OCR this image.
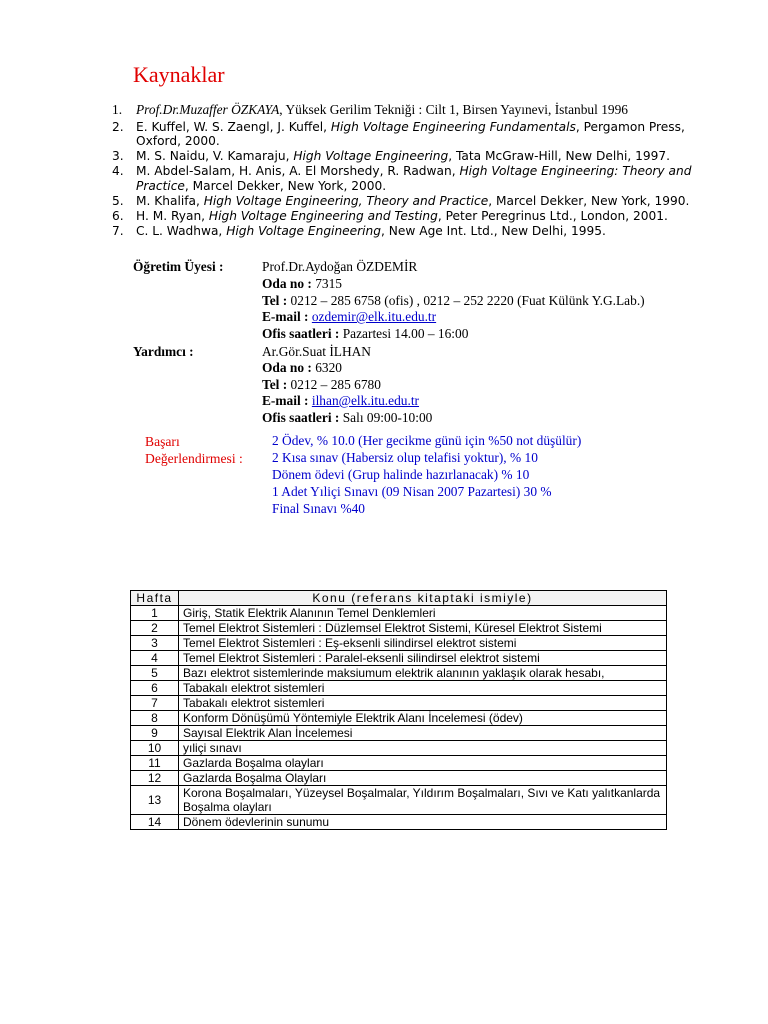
Kaynaklar
1. Prof.Dr.Muzaffer ÖZKAYA, Yüksek Gerilim Tekniği : Cilt 1, Birsen Yayınevi, İstanbul 1996
2. E. Kuffel, W. S. Zaengl, J. Kuffel, High Voltage Engineering Fundamentals, Pergamon Press, Oxford, 2000.
3. M. S. Naidu, V. Kamaraju, High Voltage Engineering, Tata McGraw-Hill, New Delhi, 1997.
4. M. Abdel-Salam, H. Anis, A. El Morshedy, R. Radwan, High Voltage Engineering: Theory and Practice, Marcel Dekker, New York, 2000.
5. M. Khalifa, High Voltage Engineering, Theory and Practice, Marcel Dekker, New York, 1990.
6. H. M. Ryan, High Voltage Engineering and Testing, Peter Peregrinus Ltd., London, 2001.
7. C. L. Wadhwa, High Voltage Engineering, New Age Int. Ltd., New Delhi, 1995.
Öğretim Üyesi :	Prof.Dr.Aydoğan ÖZDEMİR
Oda no : 7315
Tel : 0212 – 285 6758 (ofis) , 0212 – 252 2220 (Fuat Külünk Y.G.Lab.)
E-mail : ozdemir@elk.itu.edu.tr
Ofis saatleri : Pazartesi 14.00 – 16:00
Yardımcı :	Ar.Gör.Suat İLHAN
Oda no : 6320
Tel : 0212 – 285 6780
E-mail : ilhan@elk.itu.edu.tr
Ofis saatleri : Salı 09:00-10:00
Başarı
Değerlendirmesi :
2 Ödev, % 10.0 (Her gecikme günü için %50 not düşülür)
2 Kısa sınav (Habersiz olup telafisi yoktur), % 10
Dönem ödevi (Grup halinde hazırlanacak) % 10
1 Adet Yıliçi Sınavı (09 Nisan 2007 Pazartesi) 30 %
Final Sınavı %40
Hafta	Konu (referans kitaptaki ismiyle)
1	Giriş, Statik Elektrik Alanının Temel Denklemleri
2	Temel Elektrot Sistemleri : Düzlemsel Elektrot Sistemi, Küresel Elektrot Sistemi
3	Temel Elektrot Sistemleri : Eş-eksenli silindirsel elektrot sistemi
4	Temel Elektrot Sistemleri : Paralel-eksenli silindirsel elektrot sistemi
5	Bazı elektrot sistemlerinde maksiumum elektrik alanının yaklaşık olarak hesabı,
6	Tabakalı elektrot sistemleri
7	Tabakalı elektrot sistemleri
8	Konform Dönüşümü Yöntemiyle Elektrik Alanı İncelemesi (ödev)
9	Sayısal Elektrik Alan İncelemesi
10	yıliçi sınavı
11	Gazlarda Boşalma olayları
12	Gazlarda Boşalma Olayları
13	Korona Boşalmaları, Yüzeysel Boşalmalar, Yıldırım Boşalmaları, Sıvı ve Katı yalıtkanlarda Boşalma olayları
14	Dönem ödevlerinin sunumu
